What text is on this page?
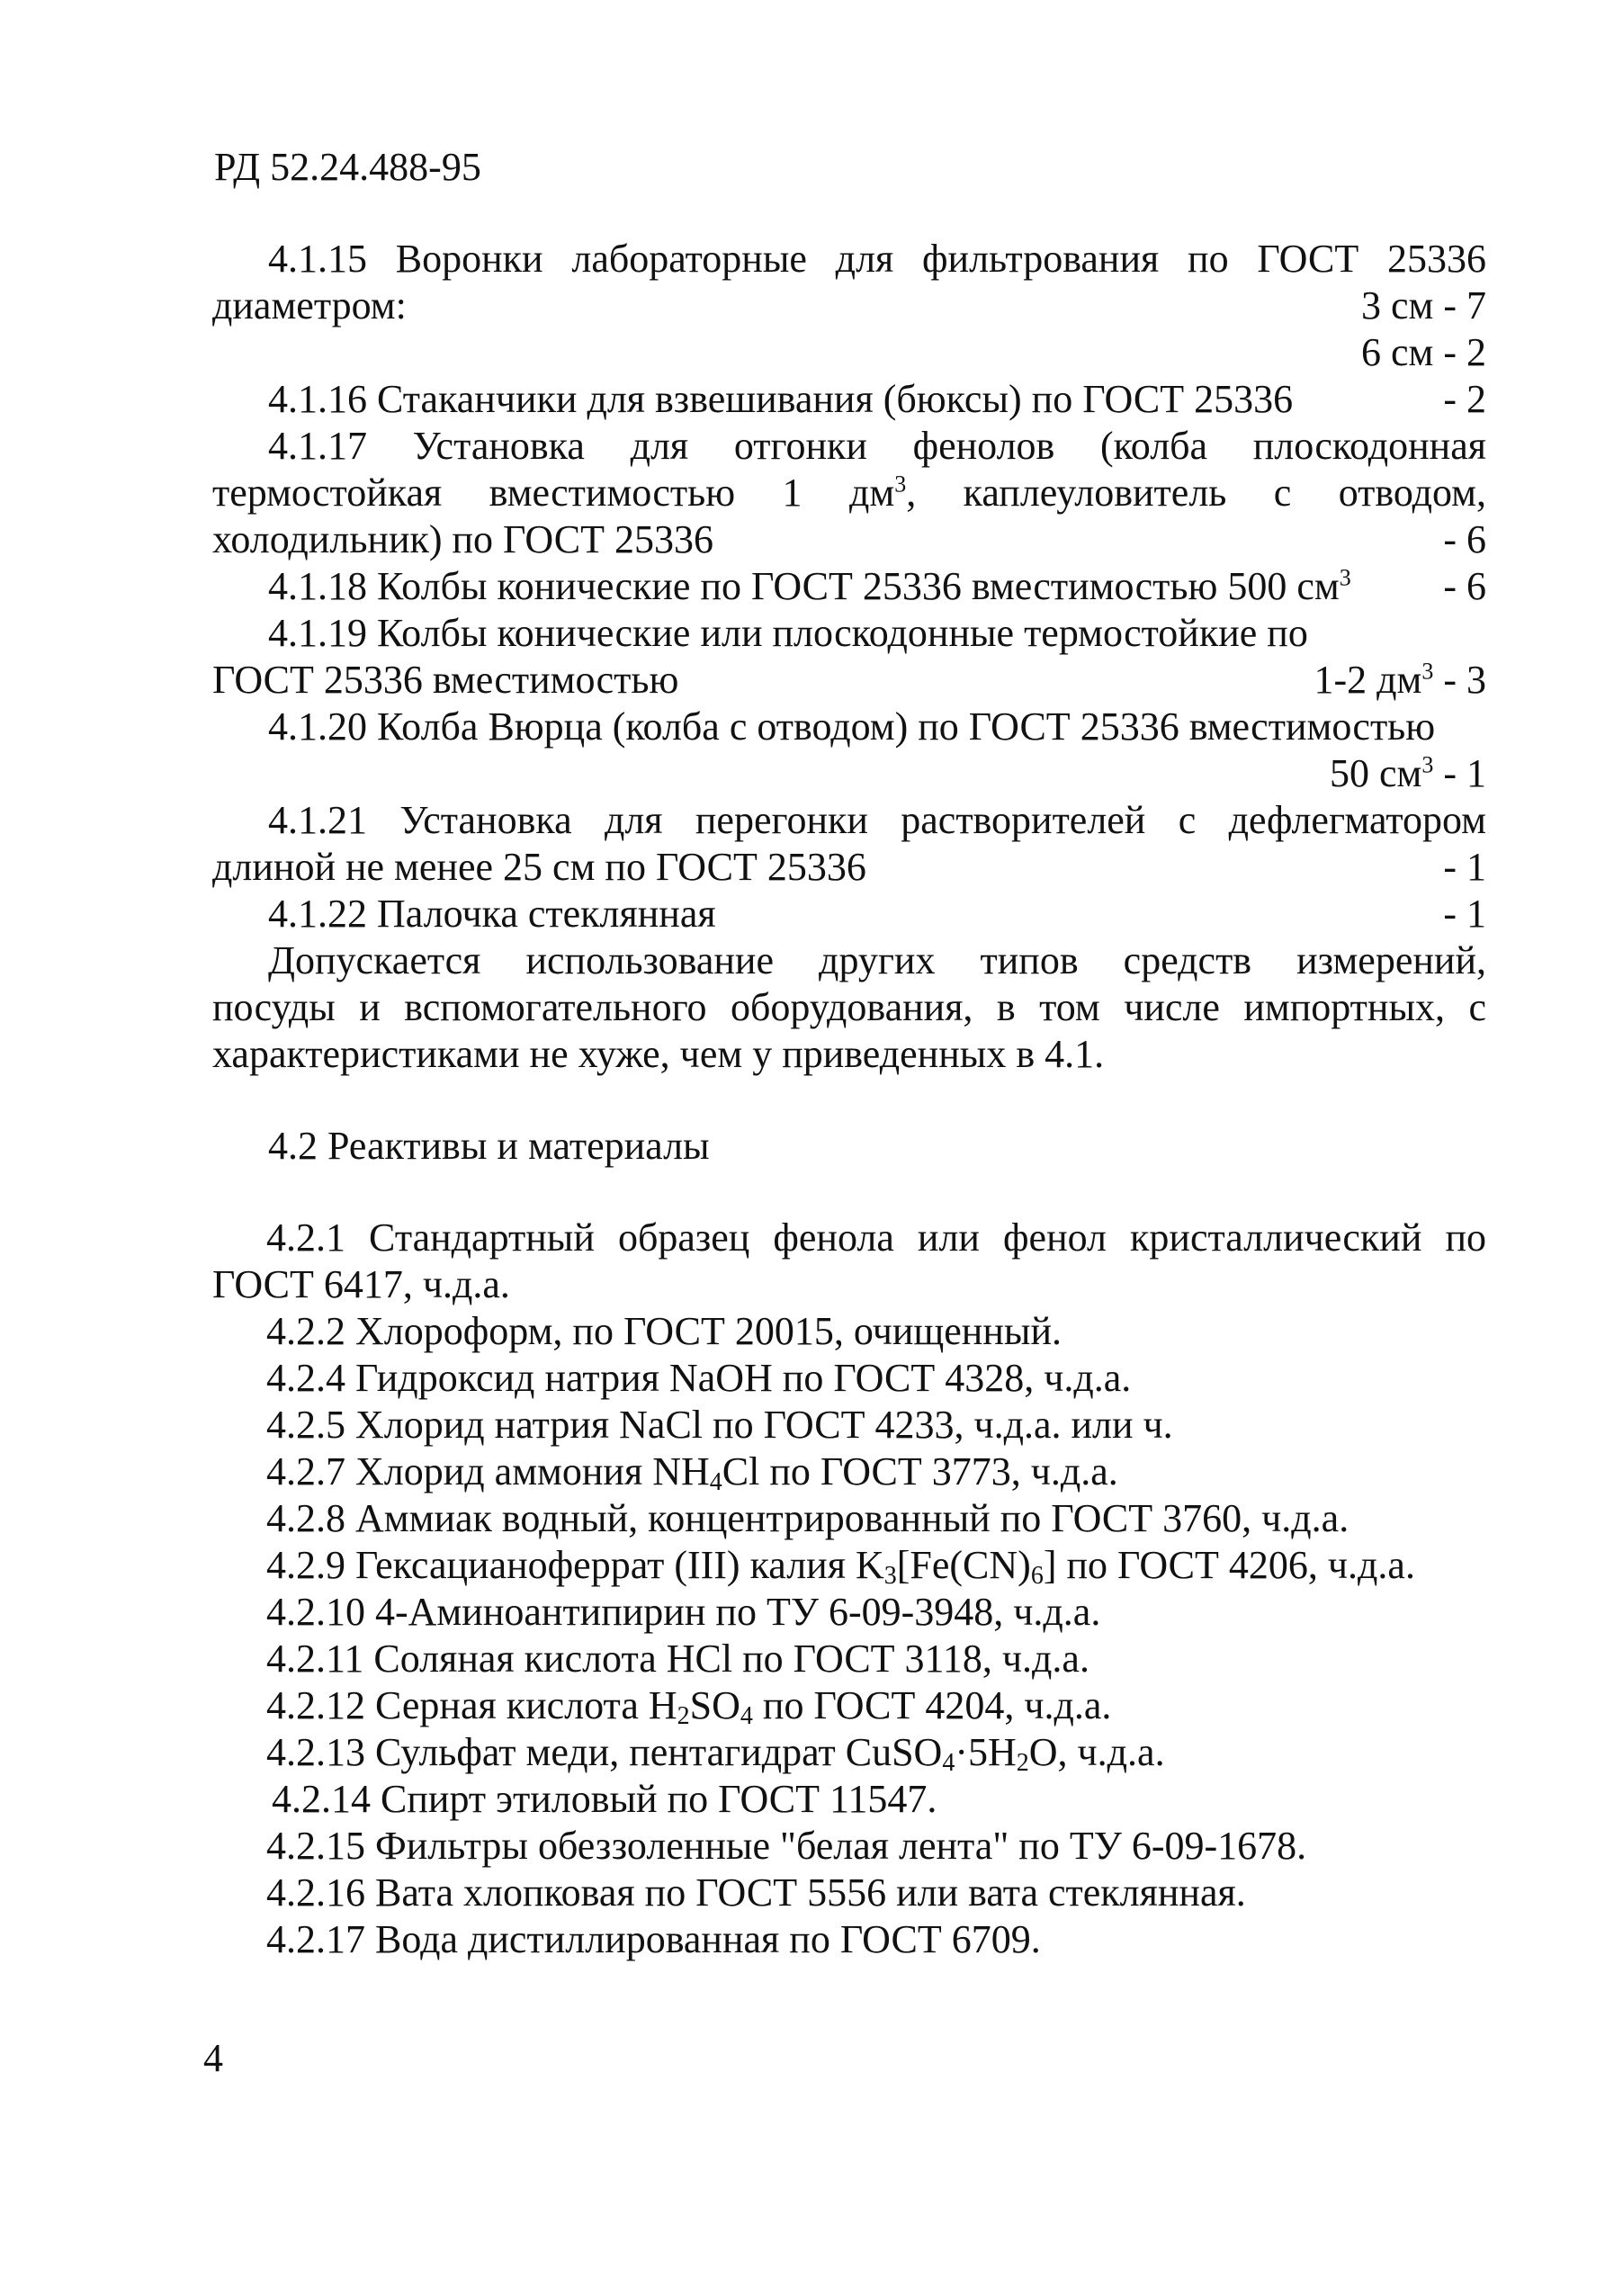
РД 52.24.488-95
4.1.15 Воронки лабораторные для фильтрования по ГОСТ 25336
диаметром:	3 см - 7
6 см - 2
4.1.16 Стаканчики для взвешивания (бюксы) по ГОСТ 25336	- 2
4.1.17 Установка для отгонки фенолов (колба плоскодонная
термостойкая вместимостью 1 $дм^3$, каплеуловитель с отводом,
холодильник) по ГОСТ 25336	- 6
4.1.18 Колбы конические по ГОСТ 25336 вместимостью 500 $см^3 - 6$
4.1.19 Колбы конические или плоскодонные термостойкие по
ГОСТ 25336 вместимостью	1-2 $дм^3 - 3$
4.1.20 Колба Вюрца (колба с отводом) по ГОСТ 25336 вместимостью
50 $см^3 - 1$
4.1.21 Установка для перегонки растворителей с дефлегматором
длиной не менее 25 см по ГОСТ 25336	- 1
4.1.22 Палочка стеклянная	- 1
Допускается использование других типов средств измерений,
посуды и вспомогательного оборудования, в том числе импортных, с
характеристиками не хуже, чем у приведенных в 4.1.
4.2 Реактивы и материалы
4.2.1 Стандартный образец фенола или фенол кристаллический по
ГОСТ 6417, ч.д.а.
4.2.2 Хлороформ, по ГОСТ 20015, очищенный.
4.2.4 Гидроксид натрия NaOH по ГОСТ 4328, ч.д.а.
4.2.5 Хлорид натрия NaCl по ГОСТ 4233, ч.д.а. или ч.
4.2.7 Хлорид аммония $NH_4Cl$ по ГОСТ 3773, ч.д.а.
4.2.8 Аммиак водный, концентрированный по ГОСТ 3760, ч.д.а.
4.2.9 Гексацианоферрат (III) калия $K_3[Fe(CN)_6]$ по ГОСТ 4206, ч.д.а.
4.2.10 4-Аминоантипирин по ТУ 6-09-3948, ч.д.а.
4.2.11 Соляная кислота HCl по ГОСТ 3118, ч.д.а.
4.2.12 Серная кислота $H_2SO_4$ по ГОСТ 4204, ч.д.а.
4.2.13 Сульфат меди, пентагидрат $CuSO_4\cdot 5H_2O$, ч.д.а.
4.2.14 Спирт этиловый по ГОСТ 11547.
4.2.15 Фильтры обеззоленные "белая лента" по ТУ 6-09-1678.
4.2.16 Вата хлопковая по ГОСТ 5556 или вата стеклянная.
4.2.17 Вода дистиллированная по ГОСТ 6709.
4
